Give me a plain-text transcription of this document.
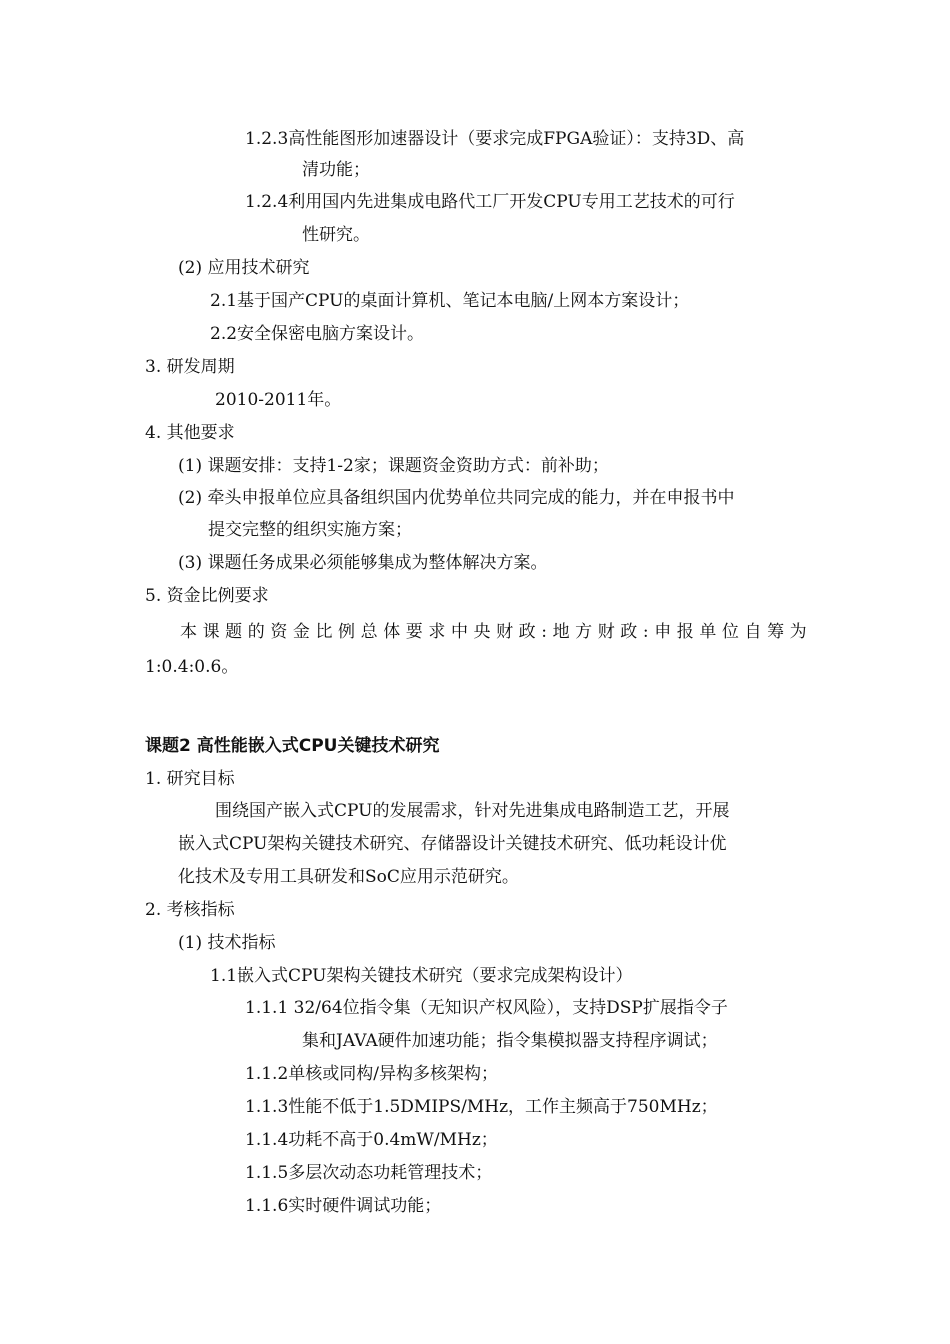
1.2.3高性能图形加速器设计（要求完成FPGA验证）：支持3D、高
清功能；
1.2.4利用国内先进集成电路代工厂开发CPU专用工艺技术的可行
性研究。
(2) 应用技术研究
2.1基于国产CPU的桌面计算机、笔记本电脑/上网本方案设计；
2.2安全保密电脑方案设计。
3. 研发周期
2010-2011年。
4. 其他要求
(1) 课题安排：支持1-2家；课题资金资助方式：前补助；
(2) 牵头申报单位应具备组织国内优势单位共同完成的能力，并在申报书中
提交完整的组织实施方案；
(3) 课题任务成果必须能够集成为整体解决方案。
5. 资金比例要求
本 课 题 的 资 金 比 例 总 体 要 求 中 央 财 政 : 地 方 财 政 : 申 报 单 位 自 筹 为
1:0.4:0.6。
课题2 高性能嵌入式CPU关键技术研究
1. 研究目标
围绕国产嵌入式CPU的发展需求，针对先进集成电路制造工艺，开展
嵌入式CPU架构关键技术研究、存储器设计关键技术研究、低功耗设计优
化技术及专用工具研发和SoC应用示范研究。
2. 考核指标
(1) 技术指标
1.1嵌入式CPU架构关键技术研究（要求完成架构设计）
1.1.1 32/64位指令集（无知识产权风险），支持DSP扩展指令子
集和JAVA硬件加速功能；指令集模拟器支持程序调试；
1.1.2单核或同构/异构多核架构；
1.1.3性能不低于1.5DMIPS/MHz，工作主频高于750MHz；
1.1.4功耗不高于0.4mW/MHz；
1.1.5多层次动态功耗管理技术；
1.1.6实时硬件调试功能；
